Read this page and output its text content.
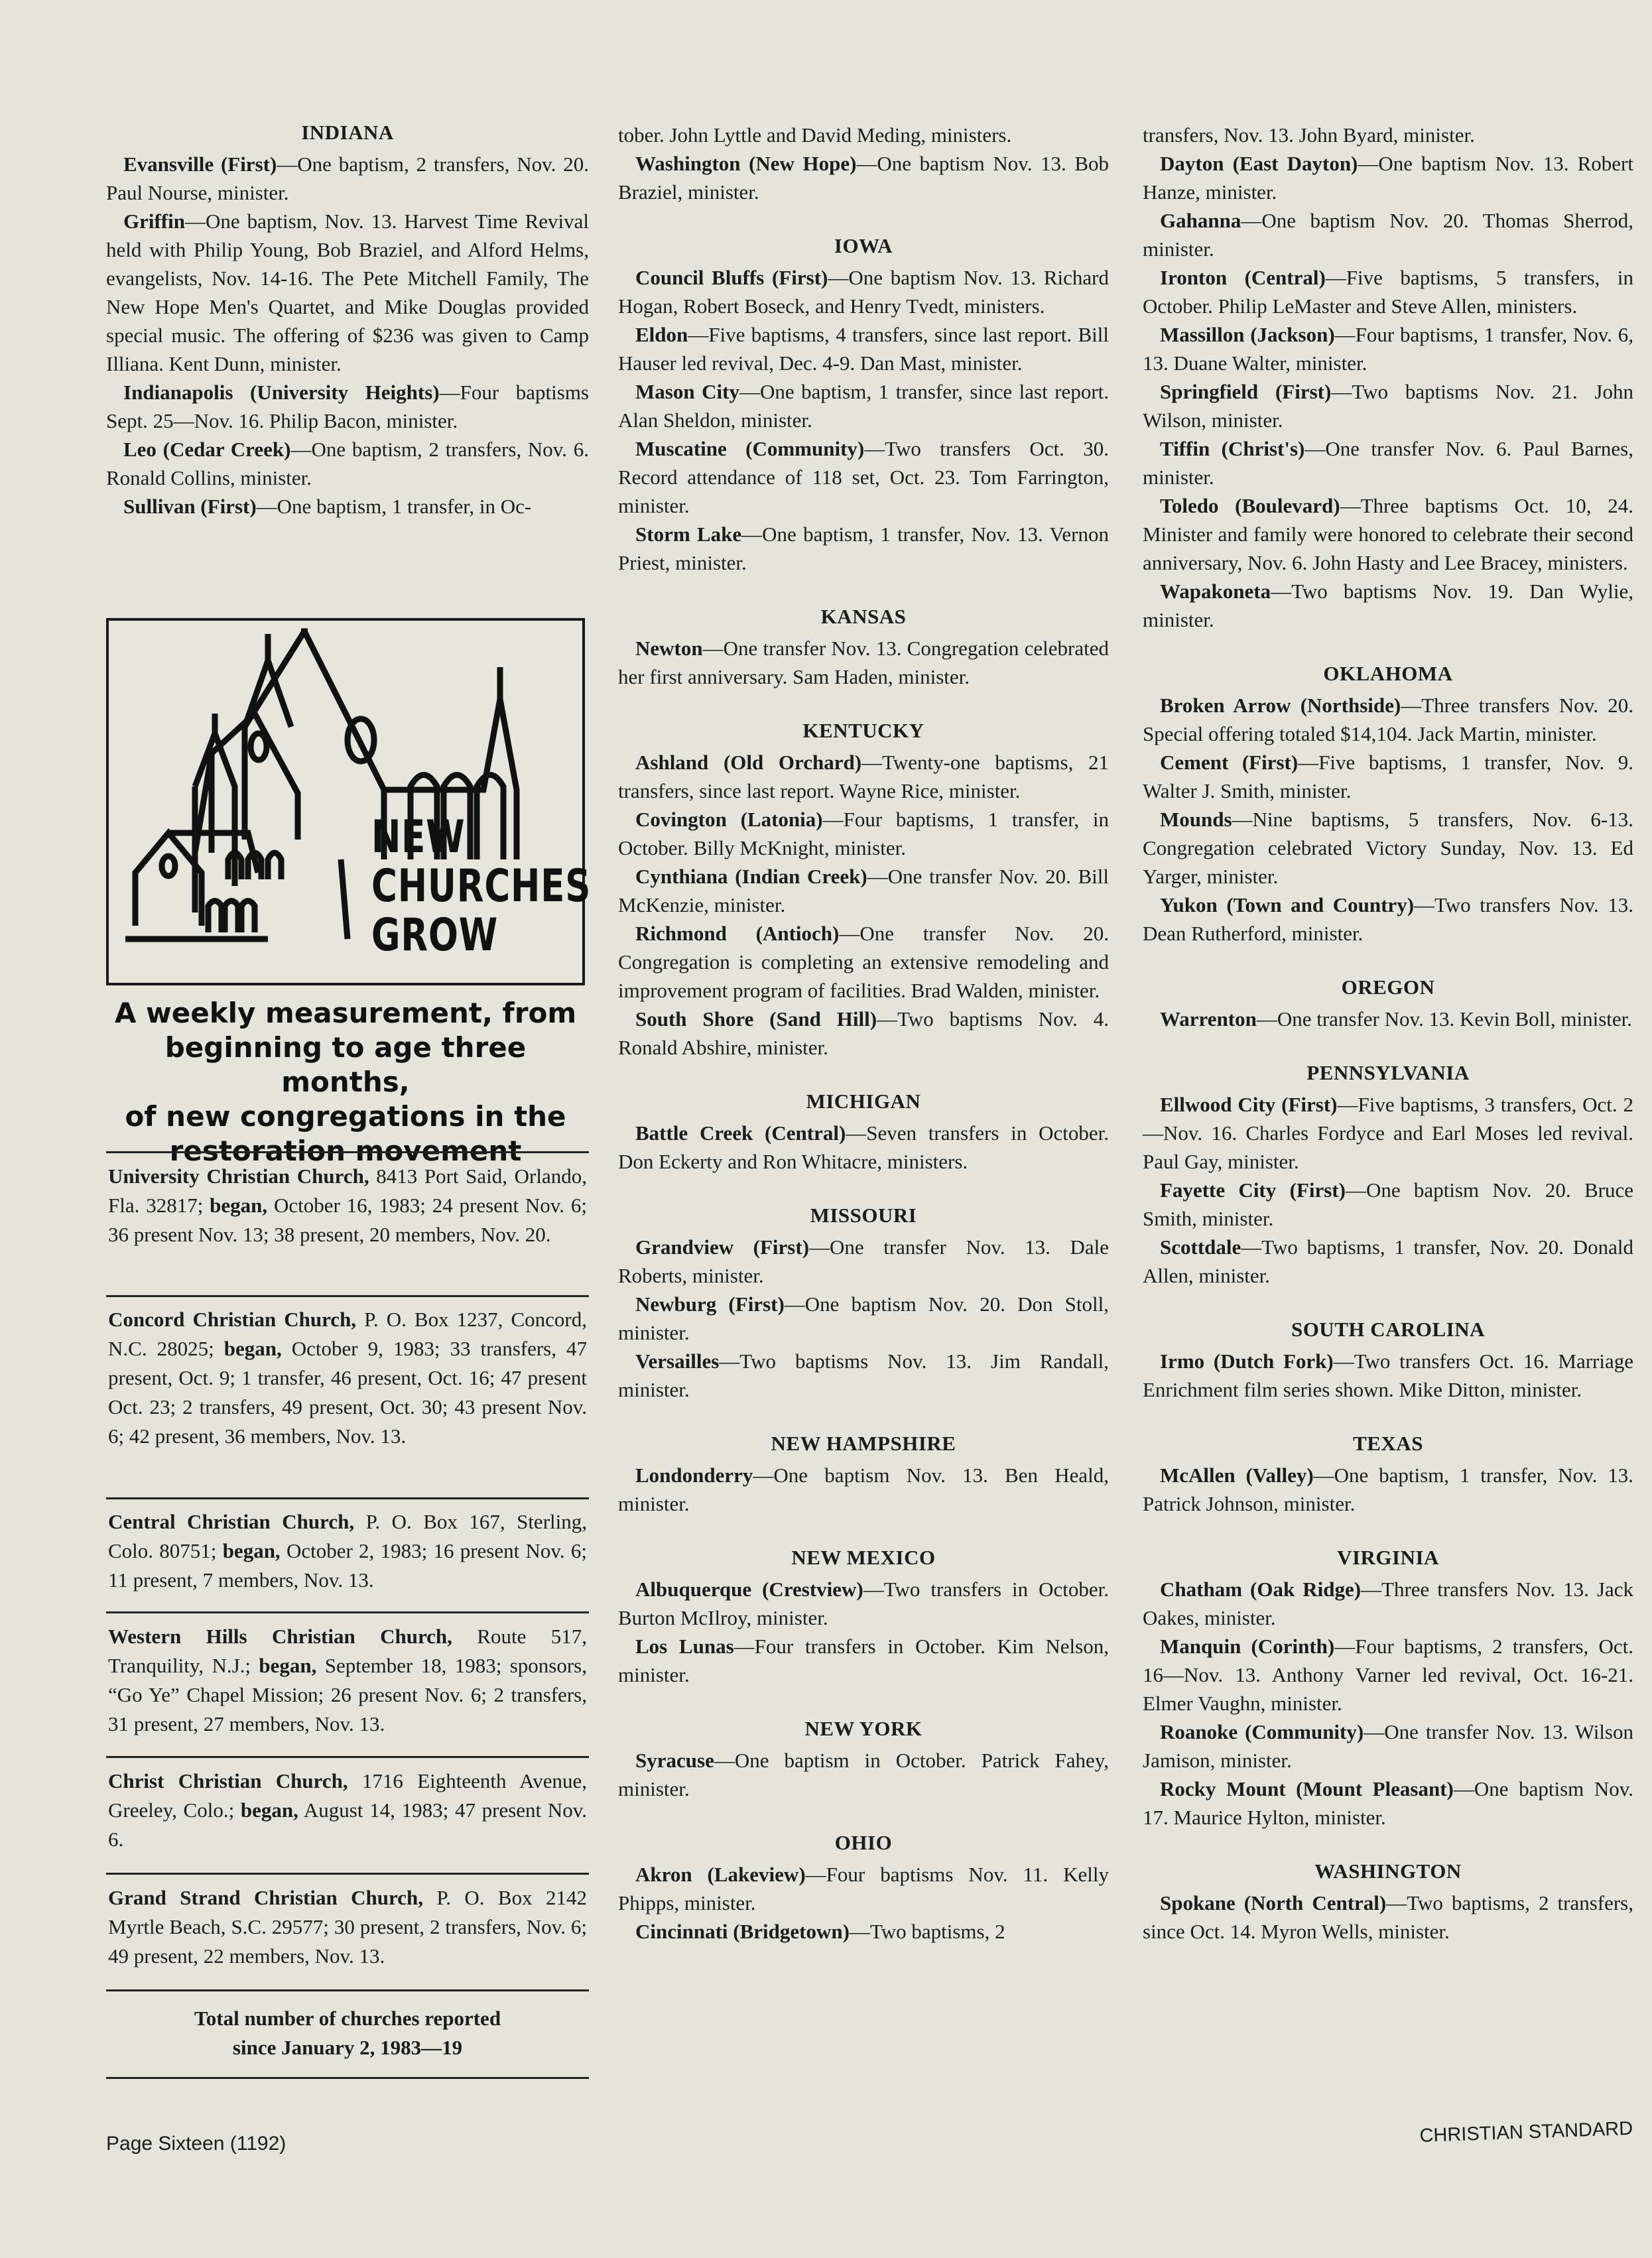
INDIANA

Evansville (First)—One baptism, 2 transfers, Nov. 20. Paul Nourse, minister.

Griffin—One baptism, Nov. 13. Harvest Time Revival held with Philip Young, Bob Braziel, and Alford Helms, evangelists, Nov. 14-16. The Pete Mitchell Family, The New Hope Men's Quartet, and Mike Douglas provided special music. The offering of $236 was given to Camp Illiana. Kent Dunn, minister.

Indianapolis (University Heights)—Four baptisms Sept. 25—Nov. 16. Philip Bacon, minister.

Leo (Cedar Creek)—One baptism, 2 transfers, Nov. 6. Ronald Collins, minister.

Sullivan (First)—One baptism, 1 transfer, in Oc-

tober. John Lyttle and David Meding, ministers.

Washington (New Hope)—One baptism Nov. 13. Bob Braziel, minister.

IOWA

Council Bluffs (First)—One baptism Nov. 13. Richard Hogan, Robert Boseck, and Henry Tvedt, ministers.

Eldon—Five baptisms, 4 transfers, since last report. Bill Hauser led revival, Dec. 4-9. Dan Mast, minister.

Mason City—One baptism, 1 transfer, since last report. Alan Sheldon, minister.

Muscatine (Community)—Two transfers Oct. 30. Record attendance of 118 set, Oct. 23. Tom Farrington, minister.

Storm Lake—One baptism, 1 transfer, Nov. 13. Vernon Priest, minister.

KANSAS

Newton—One transfer Nov. 13. Congregation celebrated her first anniversary. Sam Haden, minister.

KENTUCKY

Ashland (Old Orchard)—Twenty-one baptisms, 21 transfers, since last report. Wayne Rice, minister.

Covington (Latonia)—Four baptisms, 1 transfer, in October. Billy McKnight, minister.

Cynthiana (Indian Creek)—One transfer Nov. 20. Bill McKenzie, minister.

Richmond (Antioch)—One transfer Nov. 20. Congregation is completing an extensive remodeling and improvement program of facilities. Brad Walden, minister.

South Shore (Sand Hill)—Two baptisms Nov. 4. Ronald Abshire, minister.

MICHIGAN

Battle Creek (Central)—Seven transfers in October. Don Eckerty and Ron Whitacre, ministers.

MISSOURI

Grandview (First)—One transfer Nov. 13. Dale Roberts, minister.

Newburg (First)—One baptism Nov. 20. Don Stoll, minister.

Versailles—Two baptisms Nov. 13. Jim Randall, minister.

NEW HAMPSHIRE

Londonderry—One baptism Nov. 13. Ben Heald, minister.

NEW MEXICO

Albuquerque (Crestview)—Two transfers in October. Burton McIlroy, minister.

Los Lunas—Four transfers in October. Kim Nelson, minister.

NEW YORK

Syracuse—One baptism in October. Patrick Fahey, minister.

OHIO

Akron (Lakeview)—Four baptisms Nov. 11. Kelly Phipps, minister.

Cincinnati (Bridgetown)—Two baptisms, 2

transfers, Nov. 13. John Byard, minister.

Dayton (East Dayton)—One baptism Nov. 13. Robert Hanze, minister.

Gahanna—One baptism Nov. 20. Thomas Sherrod, minister.

Ironton (Central)—Five baptisms, 5 transfers, in October. Philip LeMaster and Steve Allen, ministers.

Massillon (Jackson)—Four baptisms, 1 transfer, Nov. 6, 13. Duane Walter, minister.

Springfield (First)—Two baptisms Nov. 21. John Wilson, minister.

Tiffin (Christ's)—One transfer Nov. 6. Paul Barnes, minister.

Toledo (Boulevard)—Three baptisms Oct. 10, 24. Minister and family were honored to celebrate their second anniversary, Nov. 6. John Hasty and Lee Bracey, ministers.

Wapakoneta—Two baptisms Nov. 19. Dan Wylie, minister.

OKLAHOMA

Broken Arrow (Northside)—Three transfers Nov. 20. Special offering totaled $14,104. Jack Martin, minister.

Cement (First)—Five baptisms, 1 transfer, Nov. 9. Walter J. Smith, minister.

Mounds—Nine baptisms, 5 transfers, Nov. 6-13. Congregation celebrated Victory Sunday, Nov. 13. Ed Yarger, minister.

Yukon (Town and Country)—Two transfers Nov. 13. Dean Rutherford, minister.

OREGON

Warrenton—One transfer Nov. 13. Kevin Boll, minister.

PENNSYLVANIA

Ellwood City (First)—Five baptisms, 3 transfers, Oct. 2—Nov. 16. Charles Fordyce and Earl Moses led revival. Paul Gay, minister.

Fayette City (First)—One baptism Nov. 20. Bruce Smith, minister.

Scottdale—Two baptisms, 1 transfer, Nov. 20. Donald Allen, minister.

SOUTH CAROLINA

Irmo (Dutch Fork)—Two transfers Oct. 16. Marriage Enrichment film series shown. Mike Ditton, minister.

TEXAS

McAllen (Valley)—One baptism, 1 transfer, Nov. 13. Patrick Johnson, minister.

VIRGINIA

Chatham (Oak Ridge)—Three transfers Nov. 13. Jack Oakes, minister.

Manquin (Corinth)—Four baptisms, 2 transfers, Oct. 16—Nov. 13. Anthony Varner led revival, Oct. 16-21. Elmer Vaughn, minister.

Roanoke (Community)—One transfer Nov. 13. Wilson Jamison, minister.

Rocky Mount (Mount Pleasant)—One baptism Nov. 17. Maurice Hylton, minister.

WASHINGTON

Spokane (North Central)—Two baptisms, 2 transfers, since Oct. 14. Myron Wells, minister.

NEW
CHURCHES
GROW
A weekly measurement, from
beginning to age three months,
of new congregations in the
restoration movement

University Christian Church, 8413 Port Said, Orlando, Fla. 32817; began, October 16, 1983; 24 present Nov. 6; 36 present Nov. 13; 38 present, 20 members, Nov. 20.

Concord Christian Church, P. O. Box 1237, Concord, N.C. 28025; began, October 9, 1983; 33 transfers, 47 present, Oct. 9; 1 transfer, 46 present, Oct. 16; 47 present Oct. 23; 2 transfers, 49 present, Oct. 30; 43 present Nov. 6; 42 present, 36 members, Nov. 13.

Central Christian Church, P. O. Box 167, Sterling, Colo. 80751; began, October 2, 1983; 16 present Nov. 6; 11 present, 7 members, Nov. 13.

Western Hills Christian Church, Route 517, Tranquility, N.J.; began, September 18, 1983; sponsors, “Go Ye” Chapel Mission; 26 present Nov. 6; 2 transfers, 31 present, 27 members, Nov. 13.

Christ Christian Church, 1716 Eighteenth Avenue, Greeley, Colo.; began, August 14, 1983; 47 present Nov. 6.

Grand Strand Christian Church, P. O. Box 2142 Myrtle Beach, S.C. 29577; 30 present, 2 transfers, Nov. 6; 49 present, 22 members, Nov. 13.

Total number of churches reported
since January 2, 1983—19
Page Sixteen (1192)	CHRISTIAN STANDARD
